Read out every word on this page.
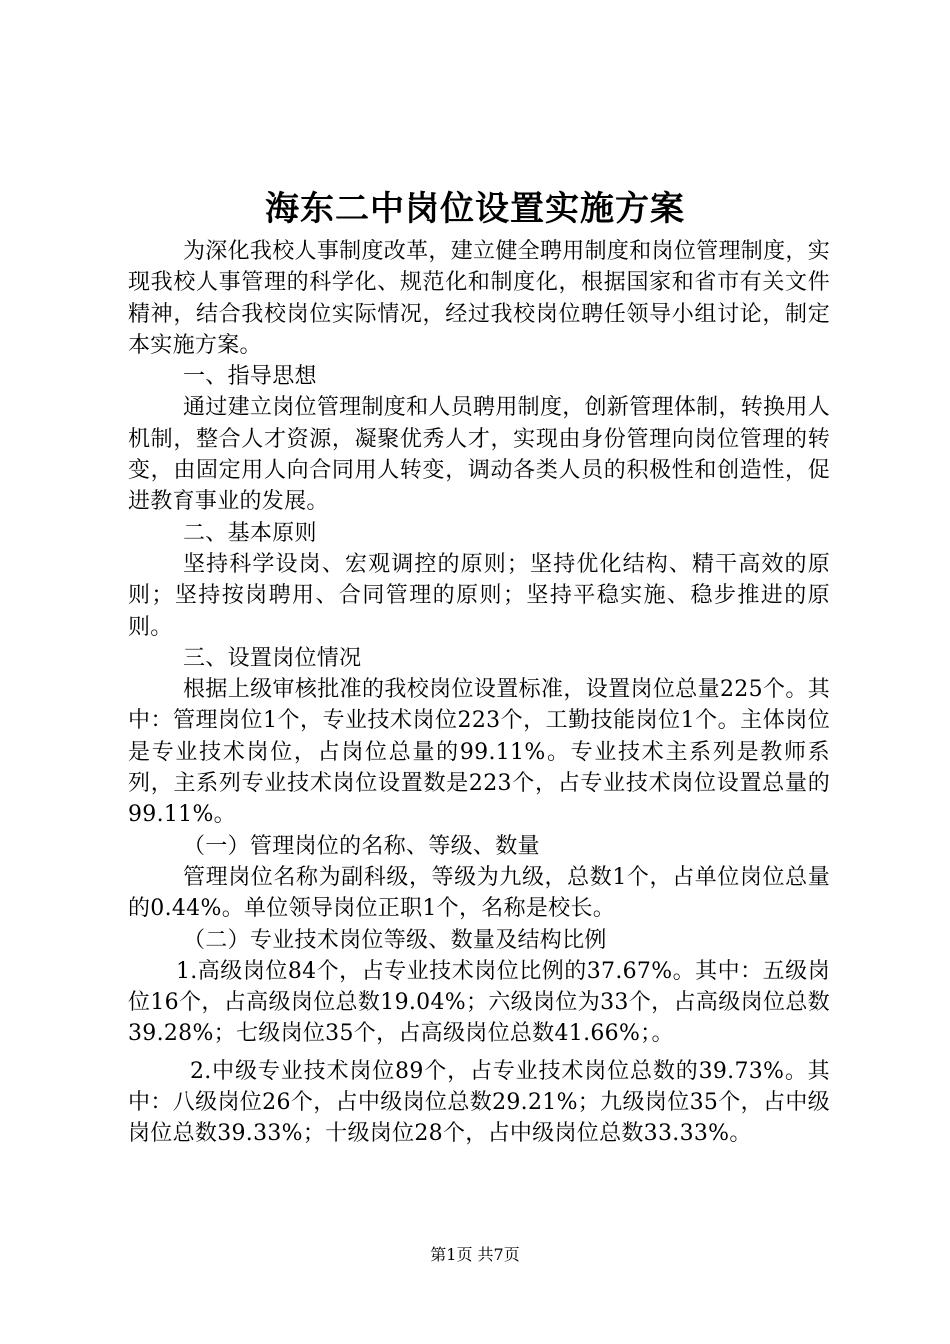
海东二中岗位设置实施方案

为深化我校人事制度改革，建立健全聘用制度和岗位管理制度，实现我校人事管理的科学化、规范化和制度化，根据国家和省市有关文件精神，结合我校岗位实际情况，经过我校岗位聘任领导小组讨论，制定本实施方案。

一、指导思想

通过建立岗位管理制度和人员聘用制度，创新管理体制，转换用人机制，整合人才资源，凝聚优秀人才，实现由身份管理向岗位管理的转变，由固定用人向合同用人转变，调动各类人员的积极性和创造性，促进教育事业的发展。

二、基本原则

坚持科学设岗、宏观调控的原则；坚持优化结构、精干高效的原则；坚持按岗聘用、合同管理的原则；坚持平稳实施、稳步推进的原则。

三、设置岗位情况

根据上级审核批准的我校岗位设置标准，设置岗位总量225个。其中：管理岗位1个，专业技术岗位223个，工勤技能岗位1个。主体岗位是专业技术岗位，占岗位总量的99.11%。专业技术主系列是教师系列，主系列专业技术岗位设置数是223个，占专业技术岗位设置总量的99.11%。

（一）管理岗位的名称、等级、数量

管理岗位名称为副科级，等级为九级，总数1个，占单位岗位总量的0.44%。单位领导岗位正职1个，名称是校长。

（二）专业技术岗位等级、数量及结构比例

1.高级岗位84个，占专业技术岗位比例的37.67%。其中：五级岗位16个，占高级岗位总数19.04%；六级岗位为33个，占高级岗位总数39.28%；七级岗位35个，占高级岗位总数41.66%；。

2.中级专业技术岗位89个，占专业技术岗位总数的39.73%。其中：八级岗位26个，占中级岗位总数29.21%；九级岗位35个，占中级岗位总数39.33%；十级岗位28个，占中级岗位总数33.33%。

第1页 共7页
